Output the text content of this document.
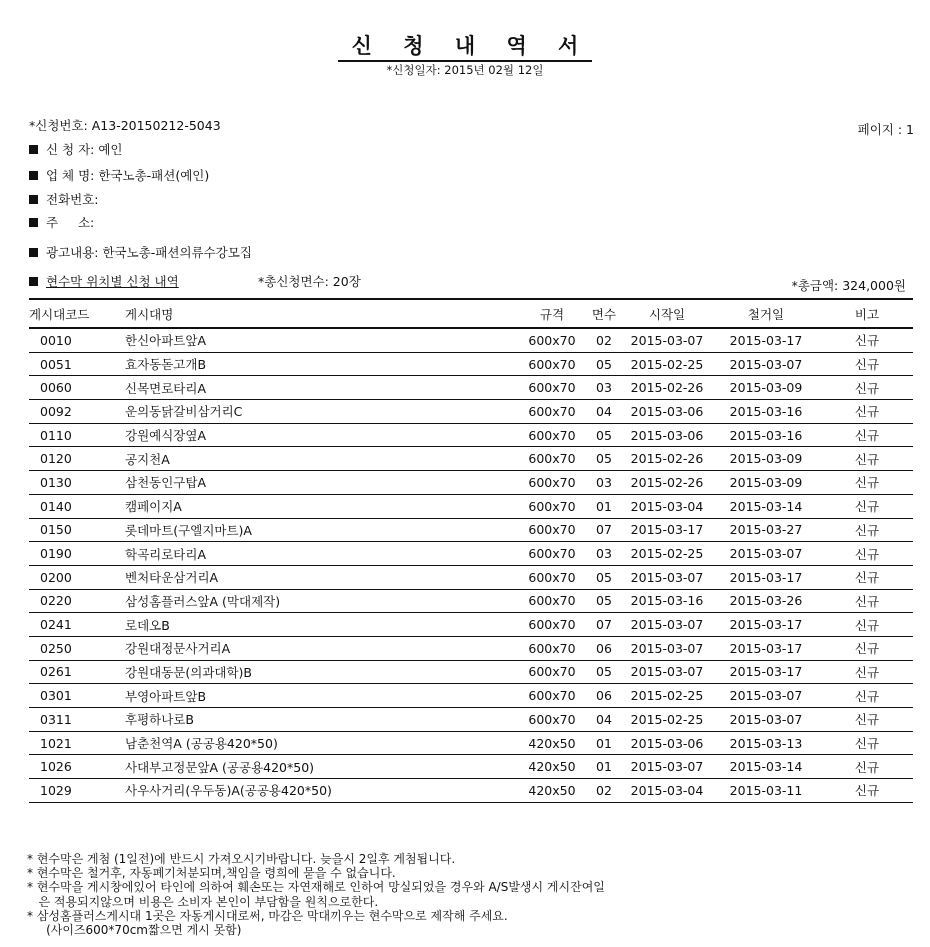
신 청 내 역 서
*신청일자: 2015년 02월 12일
*신청번호: A13-20150212-5043	페이지 : 1
신 청 자: 예인
업 체 명: 한국노총-패션(예인)
전화번호:
주     소:
광고내용: 한국노총-패션의류수강모집
현수막 위치별 신청 내역	*총신청면수: 20장	*총금액: 324,000원
게시대코드	게시대명	규격	면수	시작일	철거일	비고
0010	한신아파트앞A	600x70	02	2015-03-07	2015-03-17	신규
0051	효자동돋고개B	600x70	05	2015-02-25	2015-03-07	신규
0060	신목면로타리A	600x70	03	2015-02-26	2015-03-09	신규
0092	운의동닭갈비삼거리C	600x70	04	2015-03-06	2015-03-16	신규
0110	강원예식장옆A	600x70	05	2015-03-06	2015-03-16	신규
0120	공지천A	600x70	05	2015-02-26	2015-03-09	신규
0130	삼천동인구탑A	600x70	03	2015-02-26	2015-03-09	신규
0140	캠페이지A	600x70	01	2015-03-04	2015-03-14	신규
0150	롯데마트(구엘지마트)A	600x70	07	2015-03-17	2015-03-27	신규
0190	학곡리로타리A	600x70	03	2015-02-25	2015-03-07	신규
0200	벤처타운삼거리A	600x70	05	2015-03-07	2015-03-17	신규
0220	삼성홈플러스앞A (막대제작)	600x70	05	2015-03-16	2015-03-26	신규
0241	로데오B	600x70	07	2015-03-07	2015-03-17	신규
0250	강원대정문사거리A	600x70	06	2015-03-07	2015-03-17	신규
0261	강원대동문(의과대학)B	600x70	05	2015-03-07	2015-03-17	신규
0301	부영아파트앞B	600x70	06	2015-02-25	2015-03-07	신규
0311	후평하나로B	600x70	04	2015-02-25	2015-03-07	신규
1021	남춘천역A (공공용420*50)	420x50	01	2015-03-06	2015-03-13	신규
1026	사대부고정문앞A (공공용420*50)	420x50	01	2015-03-07	2015-03-14	신규
1029	사우사거리(우두동)A(공공용420*50)	420x50	02	2015-03-04	2015-03-11	신규
* 현수막은 게첨 (1일전)에 반드시 가져오시기바랍니다. 늦을시 2일후 게첨됩니다.
* 현수막은 철거후, 자동폐기처분되며,책임을 령희에 묻을 수 없습니다.
* 현수막을 게시창에있어 타인에 의하여 훼손또는 자연재해로 인하여 망실되었을 경우와 A/S발생시 게시잔여일
은 적용되지않으며 비용은 소비자 본인이 부담함을 원칙으로한다.
* 삼성홈플러스게시대 1곳은 자동게시대로써, 마감은 막대끼우는 현수막으로 제작해 주세요.
(사이즈600*70cm짧으면 게시 못함)
